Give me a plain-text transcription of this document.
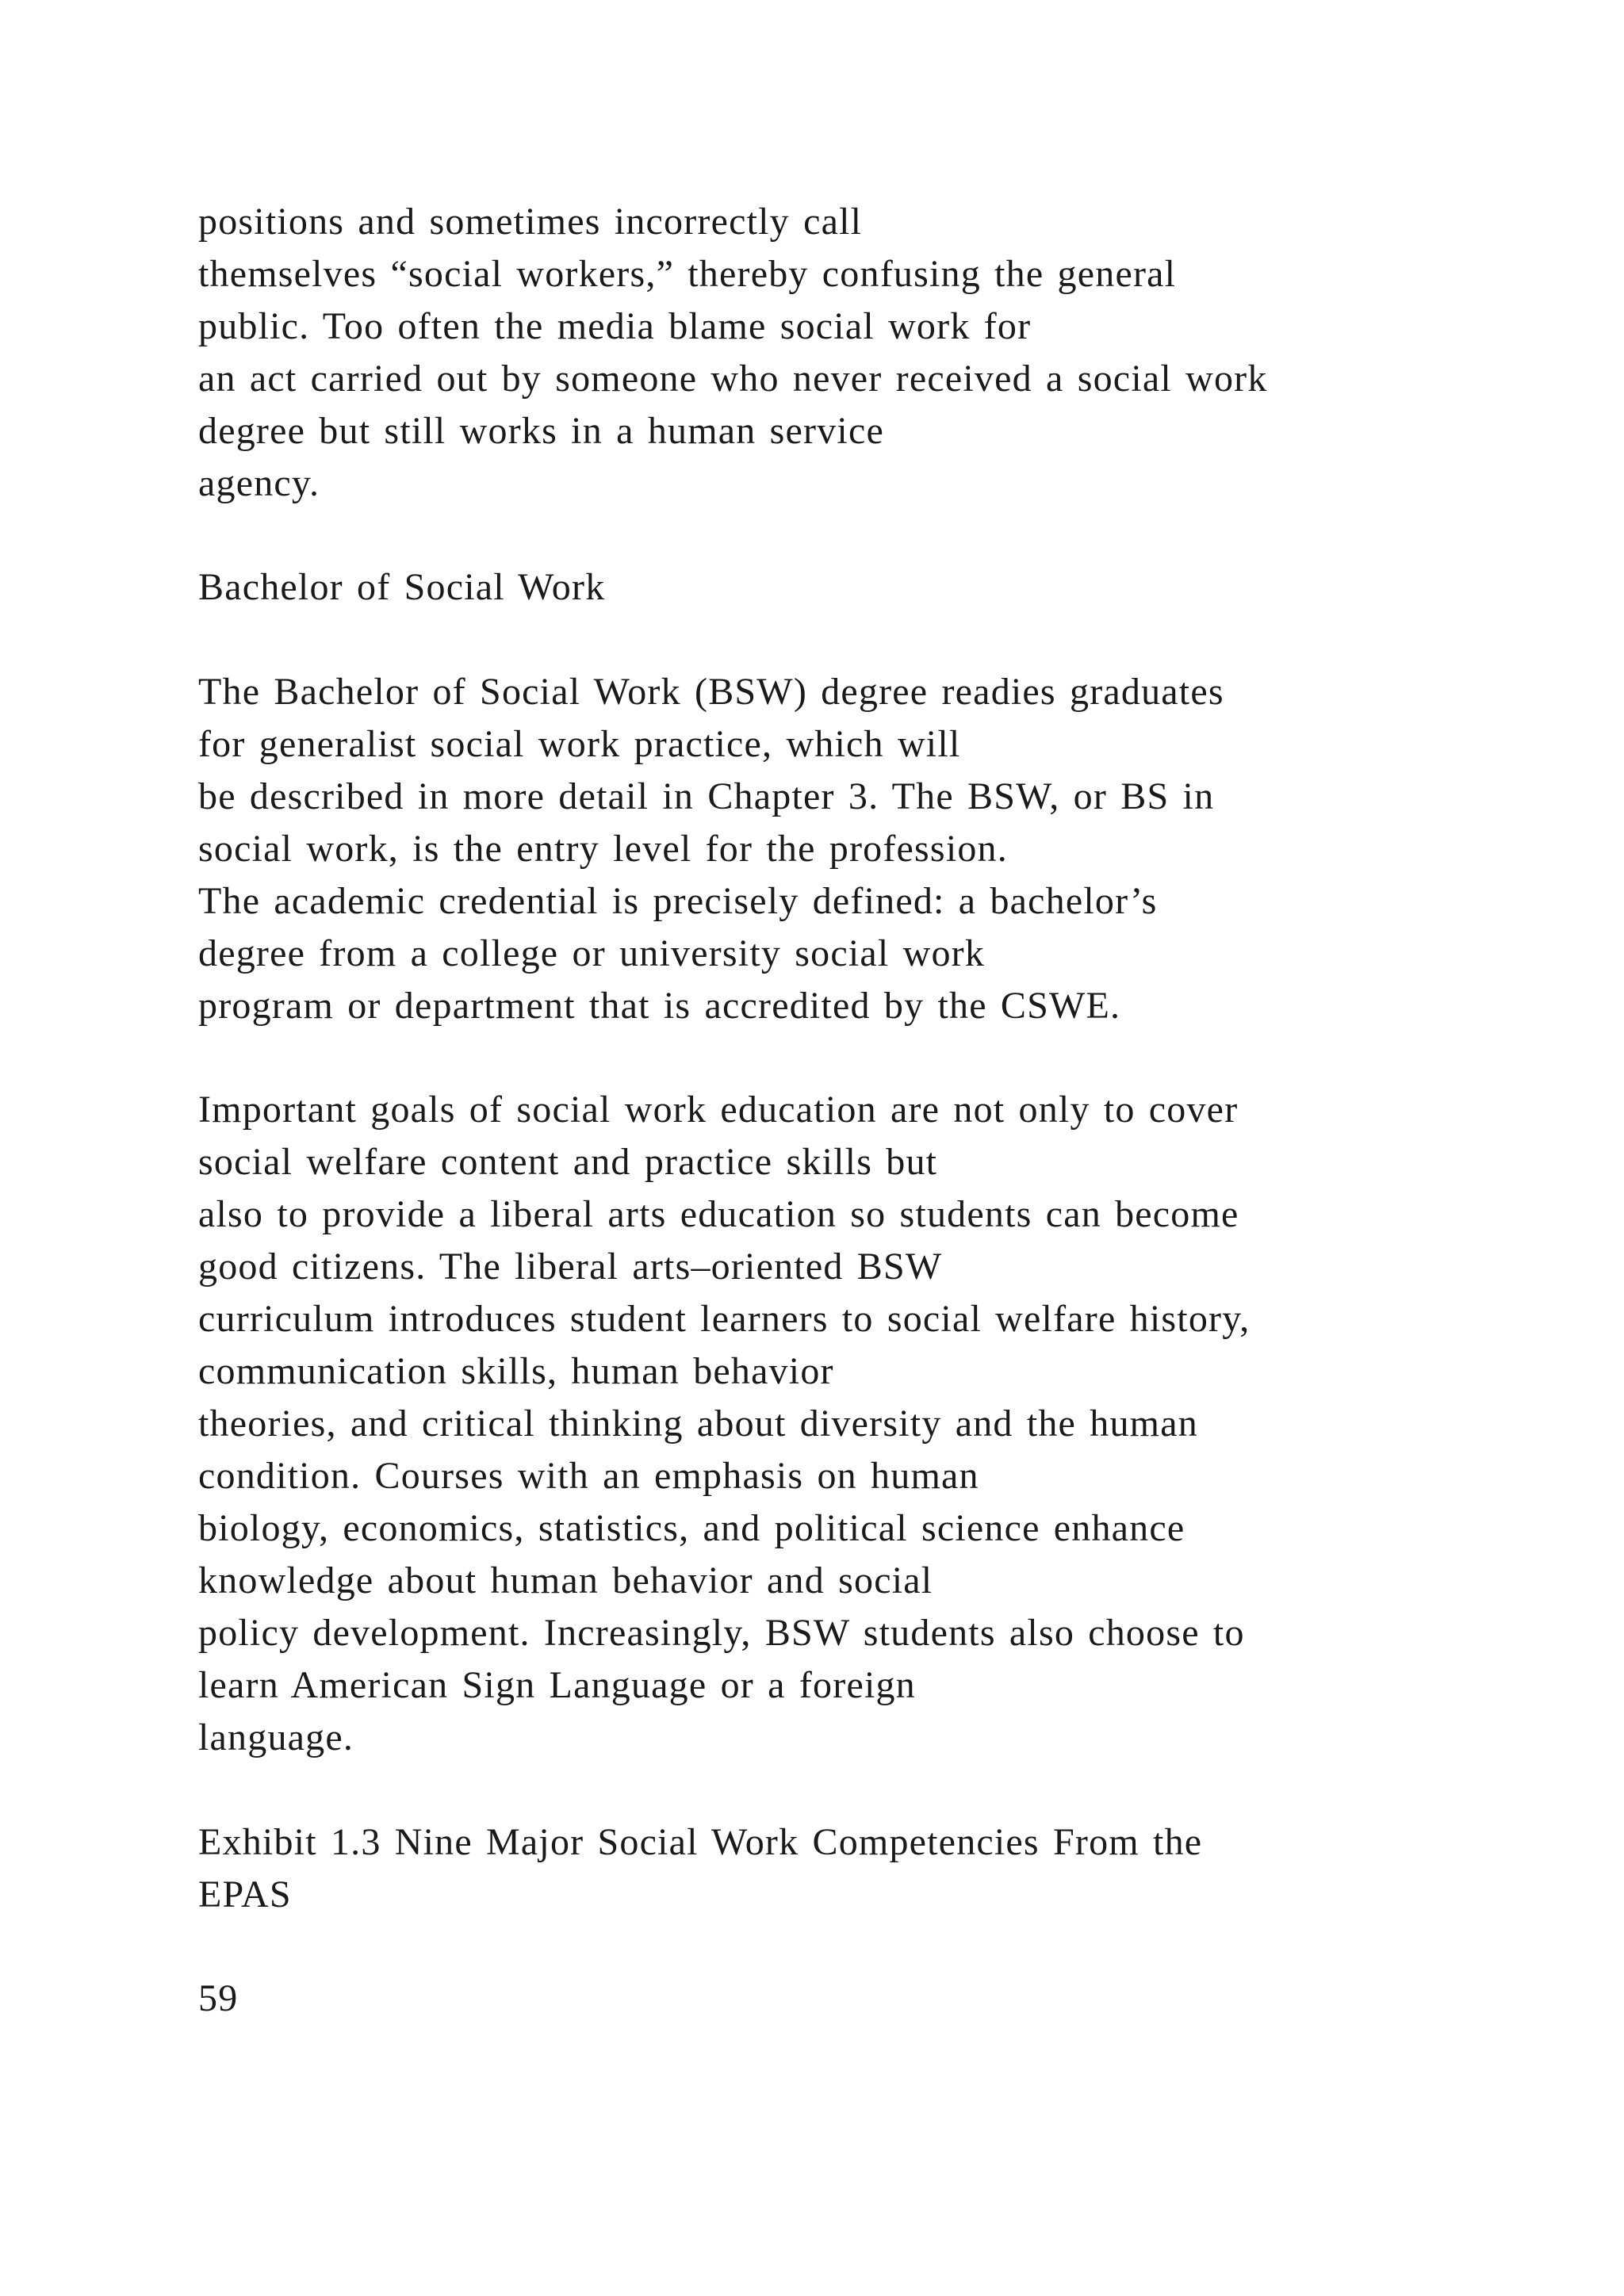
positions and sometimes incorrectly call

themselves “social workers,” thereby confusing the general

public. Too often the media blame social work for

an act carried out by someone who never received a social work

degree but still works in a human service

agency.

Bachelor of Social Work

The Bachelor of Social Work (BSW) degree readies graduates

for generalist social work practice, which will

be described in more detail in Chapter 3. The BSW, or BS in

social work, is the entry level for the profession.

The academic credential is precisely defined: a bachelor’s

degree from a college or university social work

program or department that is accredited by the CSWE.

Important goals of social work education are not only to cover

social welfare content and practice skills but

also to provide a liberal arts education so students can become

good citizens. The liberal arts–oriented BSW

curriculum introduces student learners to social welfare history,

communication skills, human behavior

theories, and critical thinking about diversity and the human

condition. Courses with an emphasis on human

biology, economics, statistics, and political science enhance

knowledge about human behavior and social

policy development. Increasingly, BSW students also choose to

learn American Sign Language or a foreign

language.

Exhibit 1.3 Nine Major Social Work Competencies From the

EPAS

59
